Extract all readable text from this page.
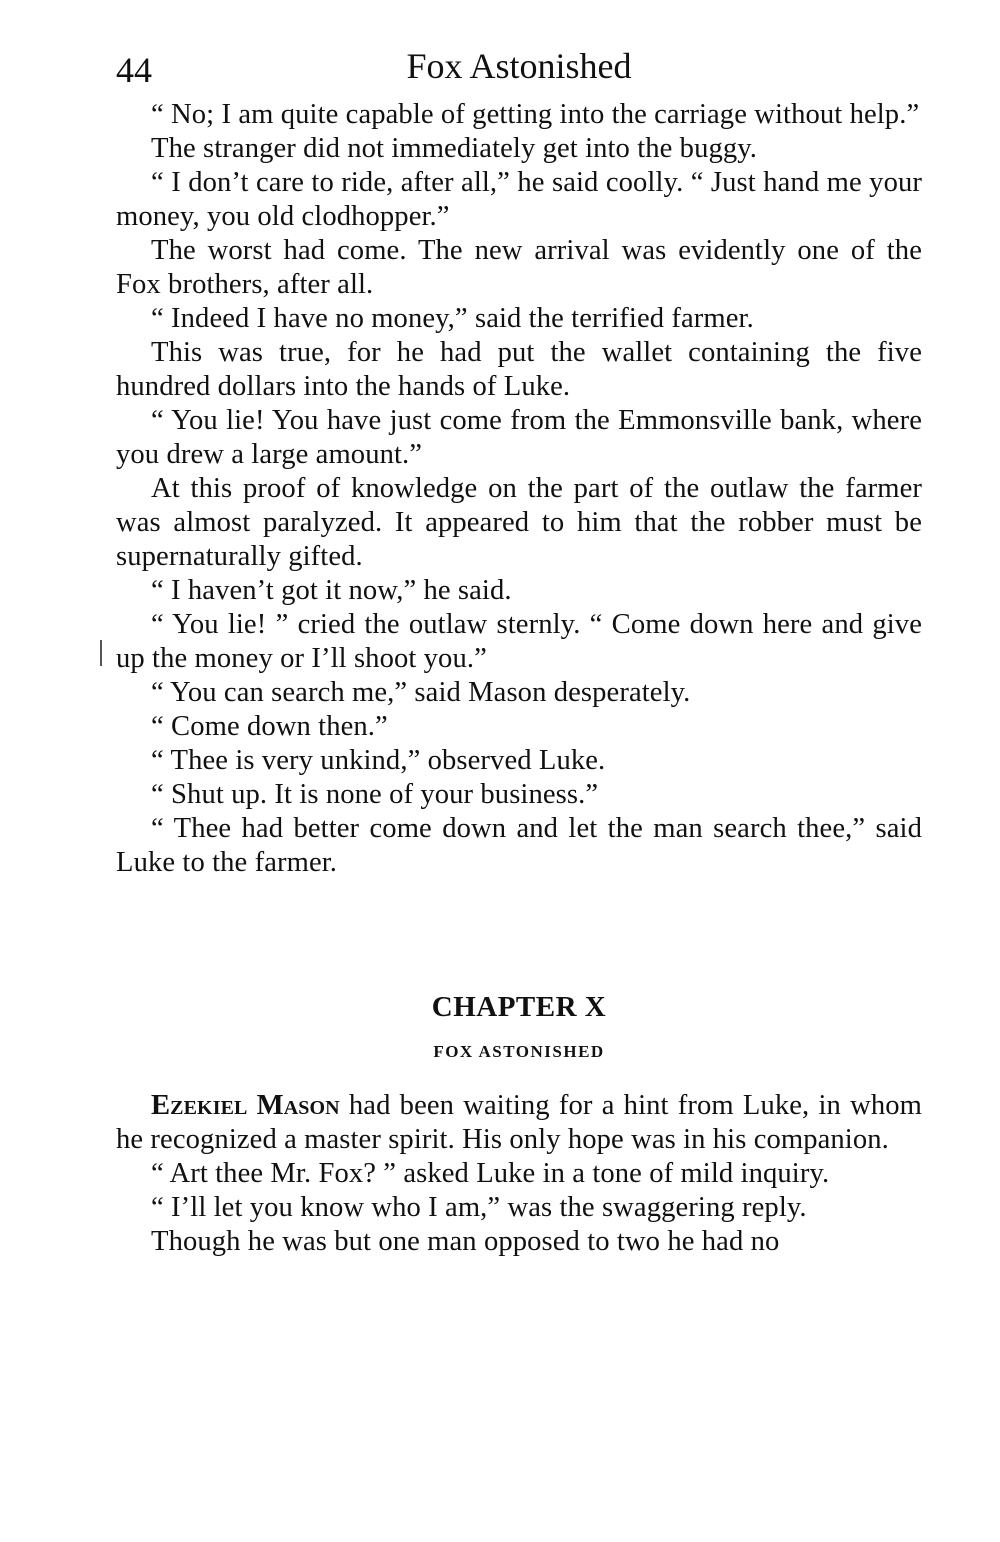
44	Fox Astonished

“ No; I am quite capable of getting into the carriage without help.”

The stranger did not immediately get into the buggy.

“ I don’t care to ride, after all,” he said coolly. “ Just hand me your money, you old clodhopper.”

The worst had come. The new arrival was evidently one of the Fox brothers, after all.

“ Indeed I have no money,” said the terrified farmer.

This was true, for he had put the wallet containing the five hundred dollars into the hands of Luke.

“ You lie! You have just come from the Emmonsville bank, where you drew a large amount.”

At this proof of knowledge on the part of the outlaw the farmer was almost paralyzed. It appeared to him that the robber must be supernaturally gifted.

“ I haven’t got it now,” he said.

“ You lie! ” cried the outlaw sternly. “ Come down here and give up the money or I’ll shoot you.”

“ You can search me,” said Mason desperately.

“ Come down then.”

“ Thee is very unkind,” observed Luke.

“ Shut up. It is none of your business.”

“ Thee had better come down and let the man search thee,” said Luke to the farmer.

CHAPTER X
FOX ASTONISHED

Ezekiel Mason had been waiting for a hint from Luke, in whom he recognized a master spirit. His only hope was in his companion.

“ Art thee Mr. Fox? ” asked Luke in a tone of mild inquiry.

“ I’ll let you know who I am,” was the swaggering reply.

Though he was but one man opposed to two he had no
